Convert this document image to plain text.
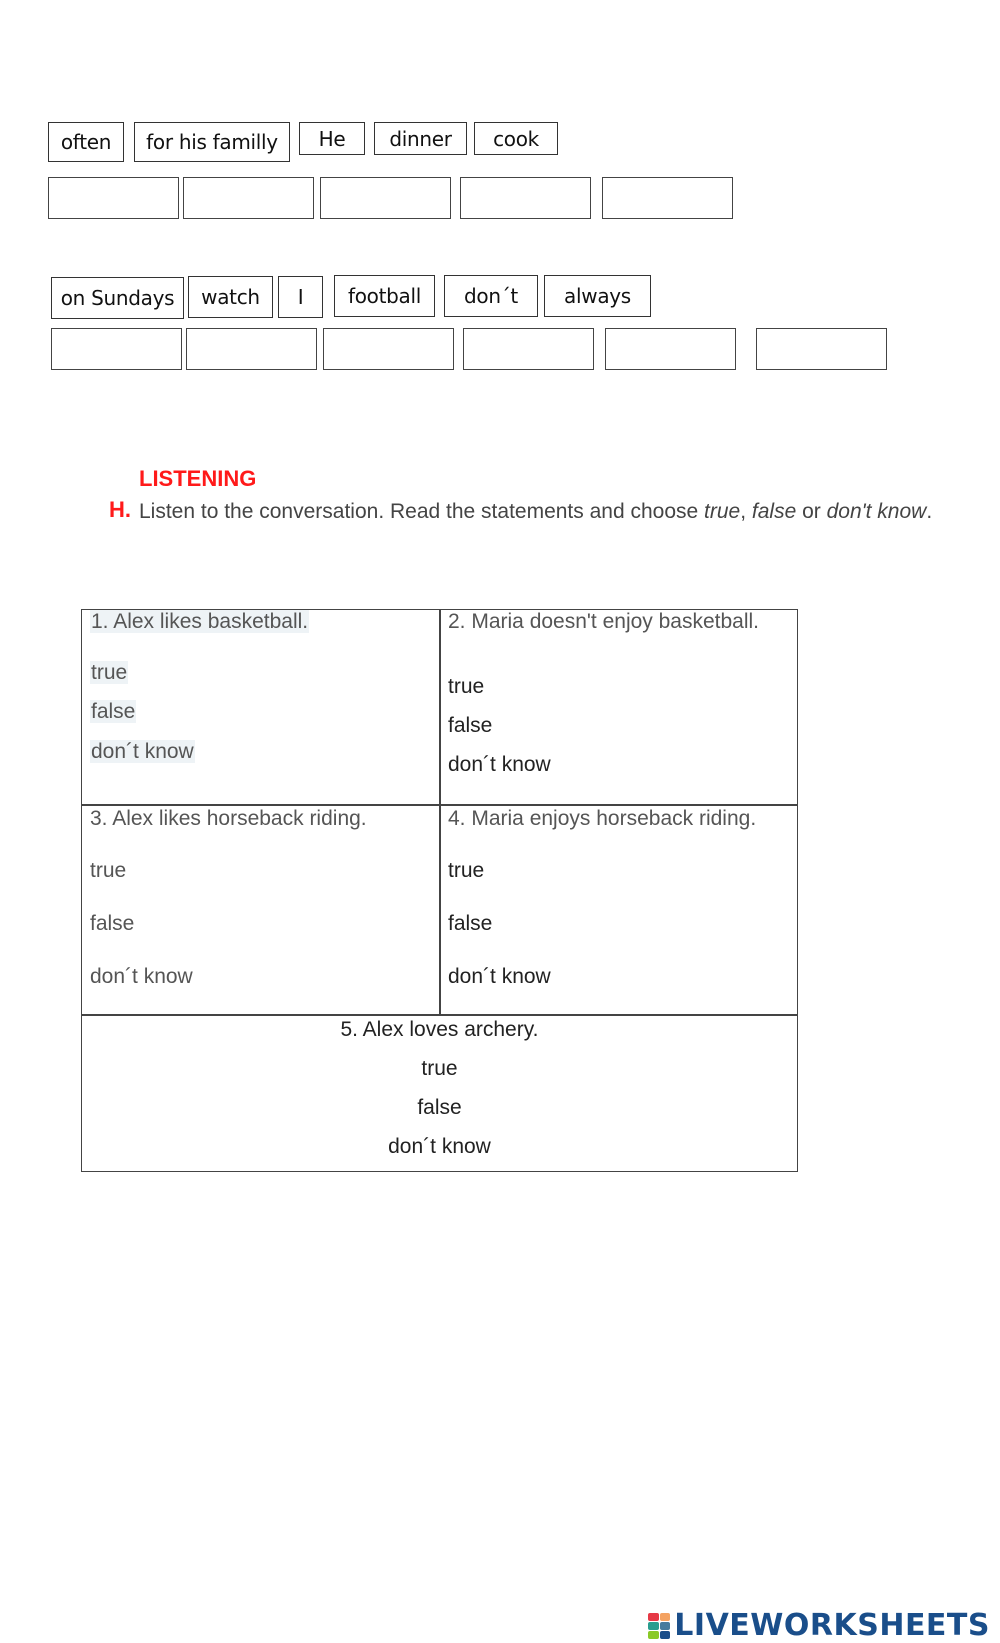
often	for his familly	He	dinner	cook
on Sundays	watch	I	football	don´t	always
LISTENING
H. Listen to the conversation. Read the statements and choose true, false or don't know.
1. Alex likes basketball.
true
false
don´t know
2. Maria doesn't enjoy basketball.
true
false
don´t know
3. Alex likes horseback riding.
true
false
don´t know
4. Maria enjoys horseback riding.
true
false
don´t know
5. Alex loves archery.
true
false
don´t know
LIVEWORKSHEETS
